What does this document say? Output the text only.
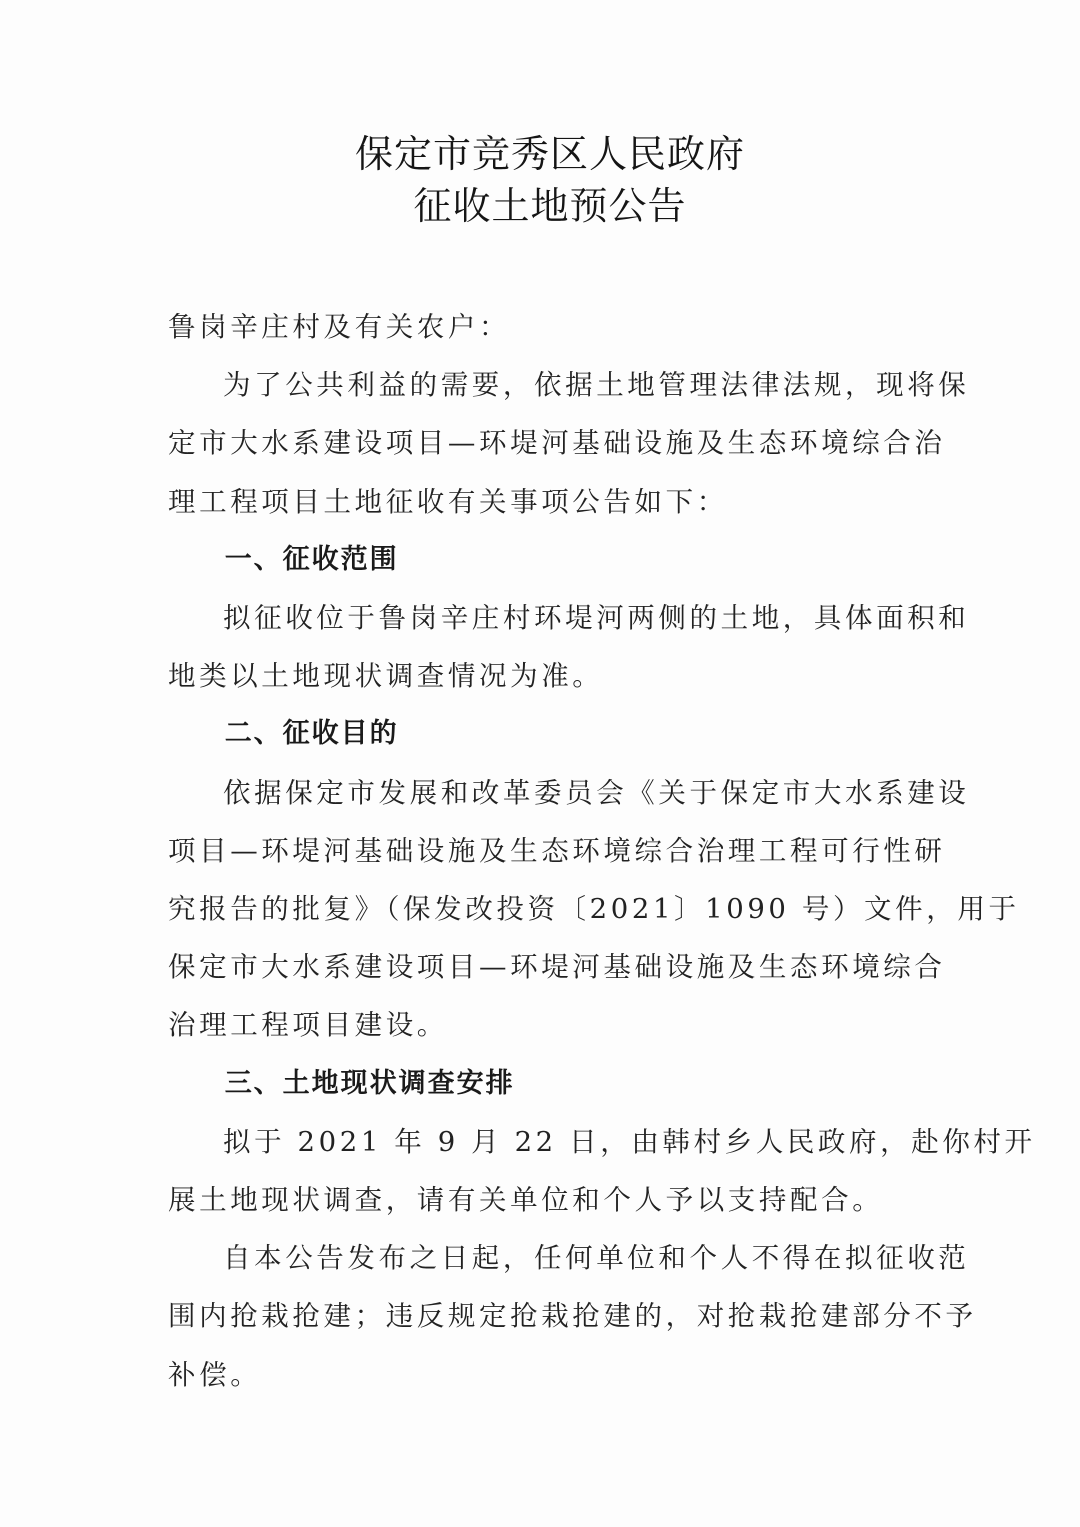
保定市竞秀区人民政府
征收土地预公告

鲁岗辛庄村及有关农户：

为了公共利益的需要，依据土地管理法律法规，现将保

定市大水系建设项目—环堤河基础设施及生态环境综合治

理工程项目土地征收有关事项公告如下：

一、征收范围

拟征收位于鲁岗辛庄村环堤河两侧的土地，具体面积和

地类以土地现状调查情况为准。

二、征收目的

依据保定市发展和改革委员会《关于保定市大水系建设

项目—环堤河基础设施及生态环境综合治理工程可行性研

究报告的批复》（保发改投资〔2021〕1090 号）文件，用于

保定市大水系建设项目—环堤河基础设施及生态环境综合

治理工程项目建设。

三、土地现状调查安排

拟于 2021 年 9 月 22 日，由韩村乡人民政府，赴你村开

展土地现状调查，请有关单位和个人予以支持配合。

自本公告发布之日起，任何单位和个人不得在拟征收范

围内抢栽抢建；违反规定抢栽抢建的，对抢栽抢建部分不予

补偿。
